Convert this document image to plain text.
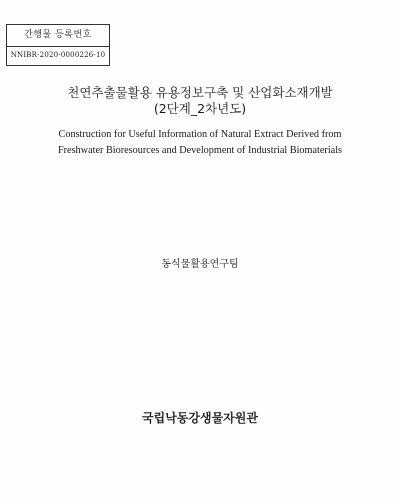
간행물 등록번호
NNIBR-2020-0000226-10
천연추출물활용 유용정보구축 및 산업화소재개발
(2단계_2차년도)
Construction for Useful Information of Natural Extract Derived from
Freshwater Bioresources and Development of Industrial Biomaterials
동식물활용연구팀
국립낙동강생물자원관
